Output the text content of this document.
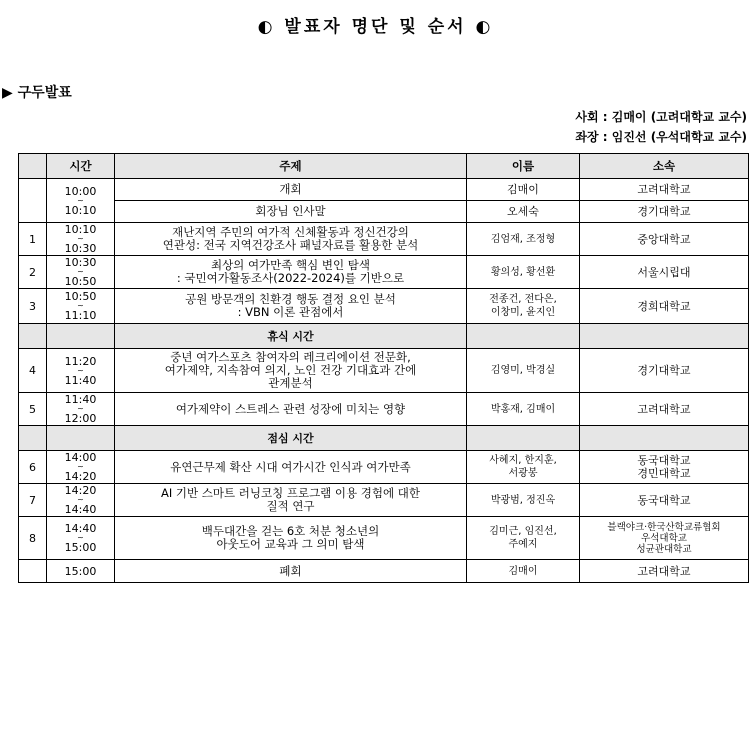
◐ 발표자 명단 및 순서 ◐
▶ 구두발표
사회 : 김매이 (고려대학교 교수)
좌장 : 임진선 (우석대학교 교수)
	시간	주제	이름	소속

	10:00
~
10:10	개회	김매이	고려대학교
		회장님 인사말	오세숙	경기대학교
1	10:10
~
10:30	재난지역 주민의 여가적 신체활동과 정신건강의
연관성: 전국 지역건강조사 패널자료를 활용한 분석	김엄재, 조정형	중앙대학교

2	10:30
~
10:50	최상의 여가만족 핵심 변인 탐색
: 국민여가활동조사(2022-2024)를 기반으로	황의성, 황선환	서울시립대

3	10:50
~
11:10	공원 방문객의 친환경 행동 결정 요인 분석
: VBN 이론 관점에서	전종건, 전다은,
이창미, 윤지인	경희대학교

		휴식 시간		
4	11:20
~
11:40	중년 여가스포츠 참여자의 레크리에이션 전문화,
여가제약, 지속참여 의지, 노인 건강 기대효과 간에
관계분석	김영미, 박경실	경기대학교

5	11:40
~
12:00	여가제약이 스트레스 관련 성장에 미치는 영향	박홍재, 김매이	고려대학교

		점심 시간		
6	14:00
~
14:20	유연근무제 확산 시대 여가시간 인식과 여가만족	사혜지, 한지훈,
서광봉	동국대학교
경민대학교

7	14:20
~
14:40	AI 기반 스마트 러닝코칭 프로그램 이용 경험에 대한
질적 연구	박광범, 정진옥	동국대학교

8	14:40
~
15:00	백두대간을 걷는 6호 처분 청소년의
아웃도어 교육과 그 의미 탐색	김미근, 임진선,
주예지	블랙야크·한국산학교류협회
우석대학교
성균관대학교

	15:00	폐회	김매이	고려대학교
